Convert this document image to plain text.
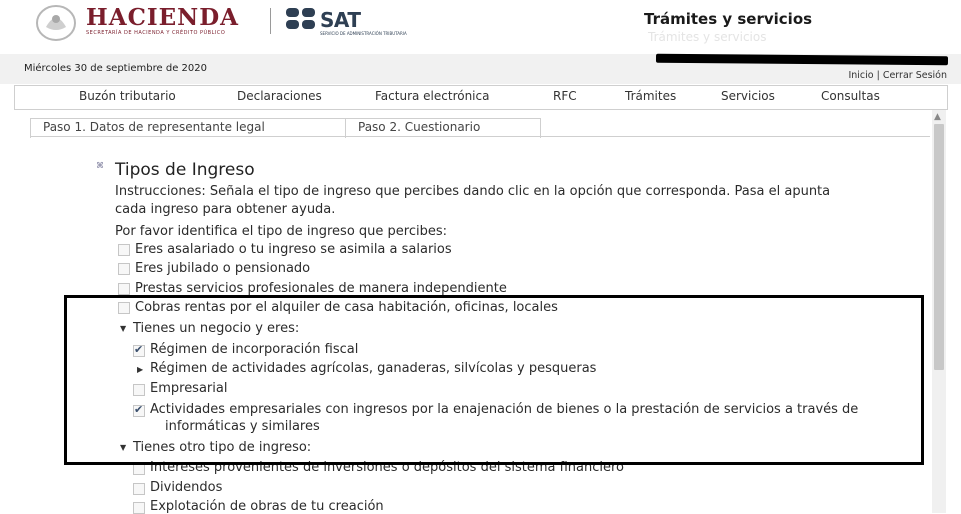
HACIENDA
SECRETARÍA DE HACIENDA Y CRÉDITO PÚBLICO
SAT
SERVICIO DE ADMINISTRACIÓN TRIBUTARIA
Trámites y servicios
Trámites y servicios
Miércoles 30 de septiembre de 2020
Inicio | Cerrar Sesión
Buzón tributario	Declaraciones	Factura electrónica	RFC	Trámites	Servicios	Consultas
Paso 1. Datos de representante legal	Paso 2. Cuestionario
▲
⌘ Tipos de Ingreso
Instrucciones: Señala el tipo de ingreso que percibes dando clic en la opción que corresponda. Pasa el apunta
cada ingreso para obtener ayuda.
Por favor identifica el tipo de ingreso que percibes:
Eres asalariado o tu ingreso se asimila a salarios
Eres jubilado o pensionado
Prestas servicios profesionales de manera independiente
Cobras rentas por el alquiler de casa habitación, oficinas, locales
▼ Tienes un negocio y eres:
✔
Régimen de incorporación fiscal
▶ Régimen de actividades agrícolas, ganaderas, silvícolas y pesqueras
Empresarial
✔
Actividades empresariales con ingresos por la enajenación de bienes o la prestación de servicios a través de
informáticas y similares
▼ Tienes otro tipo de ingreso:
Intereses provenientes de inversiones o depósitos del sistema financiero
Dividendos
Explotación de obras de tu creación
